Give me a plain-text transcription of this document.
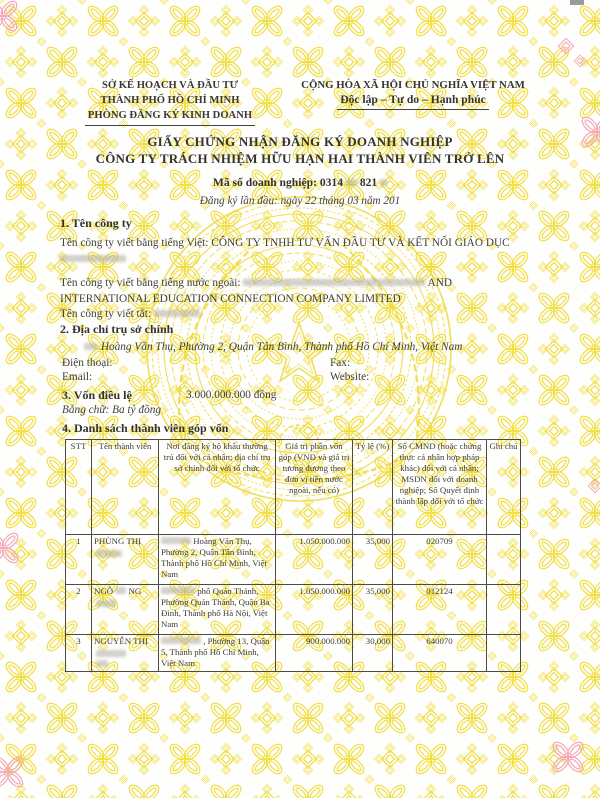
SỞ KẾ HOẠCH VÀ ĐẦU TƯ
THÀNH PHỐ HỒ CHÍ MINH
PHÒNG ĐĂNG KÝ KINH DOANH
CỘNG HÒA XÃ HỘI CHỦ NGHĨA VIỆT NAM
Độc lập – Tự do – Hạnh phúc
GIẤY CHỨNG NHẬN ĐĂNG KÝ DOANH NGHIỆP
CÔNG TY TRÁCH NHIỆM HỮU HẠN HAI THÀNH VIÊN TRỞ LÊN
Mã số doanh nghiệp: 0314 821
Đăng ký lần đầu: ngày 22 tháng 03 năm 201
1. Tên công ty
Tên công ty viết bằng tiếng Việt: CÔNG TY TNHH TƯ VẤN ĐẦU TƯ VÀ KẾT NỐI GIÁO DỤC
Tên công ty viết bằng tiếng nước ngoài:	AND INTERNATIONAL EDUCATION CONNECTION COMPANY LIMITED
Tên công ty viết tắt:
2. Địa chỉ trụ sở chính
Hoàng Văn Thụ, Phường 2, Quận Tân Bình, Thành phố Hồ Chí Minh, Việt Nam
Điện thoại:	Fax:
Email:	Website:
3. Vốn điều lệ	3.000.000.000 đồng
Bằng chữ: Ba tỷ đồng
4. Danh sách thành viên góp vốn
STT	Tên thành viên	Nơi đăng ký hộ khẩu thường trú đối với cá nhân; địa chỉ trụ sở chính đối với tổ chức	Giá trị phần vốn góp (VNĐ và giá trị tương đương theo đơn vị tiền nước ngoài, nếu có)	Tỷ lệ (%)	Số CMND (hoặc chứng thực cá nhân hợp pháp khác) đối với cá nhân; MSDN đối với doanh nghiệp; Số Quyết định thành lập đối với tổ chức	Ghi chú
1	PHÙNG THỊ	Hoàng Văn Thụ, Phường 2, Quận Tân Bình, Thành phố Hồ Chí Minh, Việt Nam	1.050.000.000	35,000	020709	
2	NGÔ NG	phố Quán Thánh, Phường Quán Thánh, Quận Ba Đình, Thành phố Hà Nội, Việt Nam	1.050.000.000	35,000	012124	
3	NGUYỄN THỊ	, Phường 13, Quận 5, Thành phố Hồ Chí Minh, Việt Nam	900.000.000	30,000	640070	
